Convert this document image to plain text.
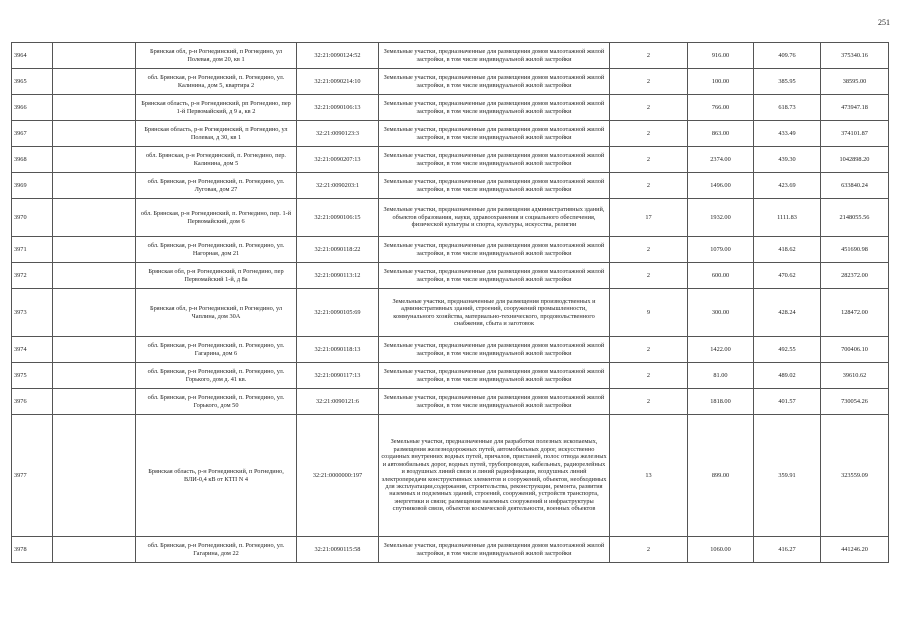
251
3964		Брянская обл, р-н Рогнединский, п Рогнедино, ул Полевая, дом 20, кв 1	32:21:0090124:52	Земельные участки, предназначенные для размещения домов малоэтажной жилой застройки, в том числе индивидуальной жилой застройки	2	916.00	409.76	375340.16
3965		обл. Брянская, р-н Рогнединский, п. Рогнедино, ул. Калинина, дом 5, квартира 2	32:21:0090214:10	Земельные участки, предназначенные для размещения домов малоэтажной жилой застройки, в том числе индивидуальной жилой застройки	2	100.00	385.95	38595.00
3966		Брянская область, р-н Рогнединский, рп Рогнедино, пер 1-й Первомайский, д 9 а, кв 2	32:21:0090106:13	Земельные участки, предназначенные для размещения домов малоэтажной жилой застройки, в том числе индивидуальной жилой застройки	2	766.00	618.73	473947.18
3967		Брянская область, р-н Рогнединский, п Рогнедино, ул Полевая, д 30, кв 1	32:21:0090123:3	Земельные участки, предназначенные для размещения домов малоэтажной жилой застройки, в том числе индивидуальной жилой застройки	2	863.00	433.49	374101.87
3968		обл. Брянская, р-н Рогнединский, п. Рогнедино, пер. Калинина, дом 5	32:21:0090207:13	Земельные участки, предназначенные для размещения домов малоэтажной жилой застройки, в том числе индивидуальной жилой застройки	2	2374.00	439.30	1042898.20
3969		обл. Брянская, р-н Рогнединский, п. Рогнедино, ул. Луговая, дом 27	32:21:0090203:1	Земельные участки, предназначенные для размещения домов малоэтажной жилой застройки, в том числе индивидуальной жилой застройки	2	1496.00	423.69	633840.24
3970		обл. Брянская, р-н Рогнединский, п. Рогнедино, пер. 1-й Первомайский, дом 6	32:21:0090106:15	Земельные участки, предназначенные для размещения административных зданий, объектов образования, науки, здравоохранения и социального обеспечения, физической культуры и спорта, культуры, искусства, религии	17	1932.00	1111.83	2148055.56
3971		обл. Брянская, р-н Рогнединский, п. Рогнедино, ул. Нагорная, дом 21	32:21:0090118:22	Земельные участки, предназначенные для размещения домов малоэтажной жилой застройки, в том числе индивидуальной жилой застройки	2	1079.00	418.62	451690.98
3972		Брянская обл, р-н Рогнединский, п Рогнедино, пер Первомайский 1-й, д 8а	32:21:0090113:12	Земельные участки, предназначенные для размещения домов малоэтажной жилой застройки, в том числе индивидуальной жилой застройки	2	600.00	470.62	282372.00
3973		Брянская обл, р-н Рогнединский, п Рогнедино, ул Чаплина, дом 30А	32:21:0090105:69	Земельные участки, предназначенные для размещения производственных и административных зданий, строений, сооружений промышленности, коммунального хозяйства, материально-технического, продовольственного снабжения, сбыта и заготовок	9	300.00	428.24	128472.00
3974		обл. Брянская, р-н Рогнединский, п. Рогнедино, ул. Гагарина, дом 6	32:21:0090118:13	Земельные участки, предназначенные для размещения домов малоэтажной жилой застройки, в том числе индивидуальной жилой застройки	2	1422.00	492.55	700406.10
3975		обл. Брянская, р-н Рогнединский, п. Рогнедино, ул. Горького, дом д. 41 кв.	32:21:0090117:13	Земельные участки, предназначенные для размещения домов малоэтажной жилой застройки, в том числе индивидуальной жилой застройки	2	81.00	489.02	39610.62
3976		обл. Брянская, р-н Рогнединский, п. Рогнедино, ул. Горького, дом 50	32:21:0090121:6	Земельные участки, предназначенные для размещения домов малоэтажной жилой застройки, в том числе индивидуальной жилой застройки	2	1818.00	401.57	730054.26
3977		Брянская область, р-н Рогнединский, п Рогнедино, ВЛИ-0,4 кВ от КТП N 4	32:21:0000000:197	Земельные участки, предназначенные для разработки полезных ископаемых, размещения железнодорожных путей, автомобильных дорог, искусственно созданных внутренних водных путей, причалов, пристаней, полос отвода железных и автомобильных дорог, водных путей, трубопроводов, кабельных, радиорелейных и воздушных линий связи и линий радиофикации, воздушных линий электропередачи конструктивных элементов и сооружений, объектов, необходимых для эксплуатации,содержания, строительства, реконструкции, ремонта, развития наземных и подземных зданий, строений, сооружений, устройств транспорта, энергетики и связи; размещения наземных сооружений и инфраструктуры спутниковой связи, объектов космической деятельности, военных объектов	13	899.00	359.91	323559.09
3978		обл. Брянская, р-н Рогнединский, п. Рогнедино, ул. Гагарина, дом 22	32:21:0090115:58	Земельные участки, предназначенные для размещения домов малоэтажной жилой застройки, в том числе индивидуальной жилой застройки	2	1060.00	416.27	441246.20
